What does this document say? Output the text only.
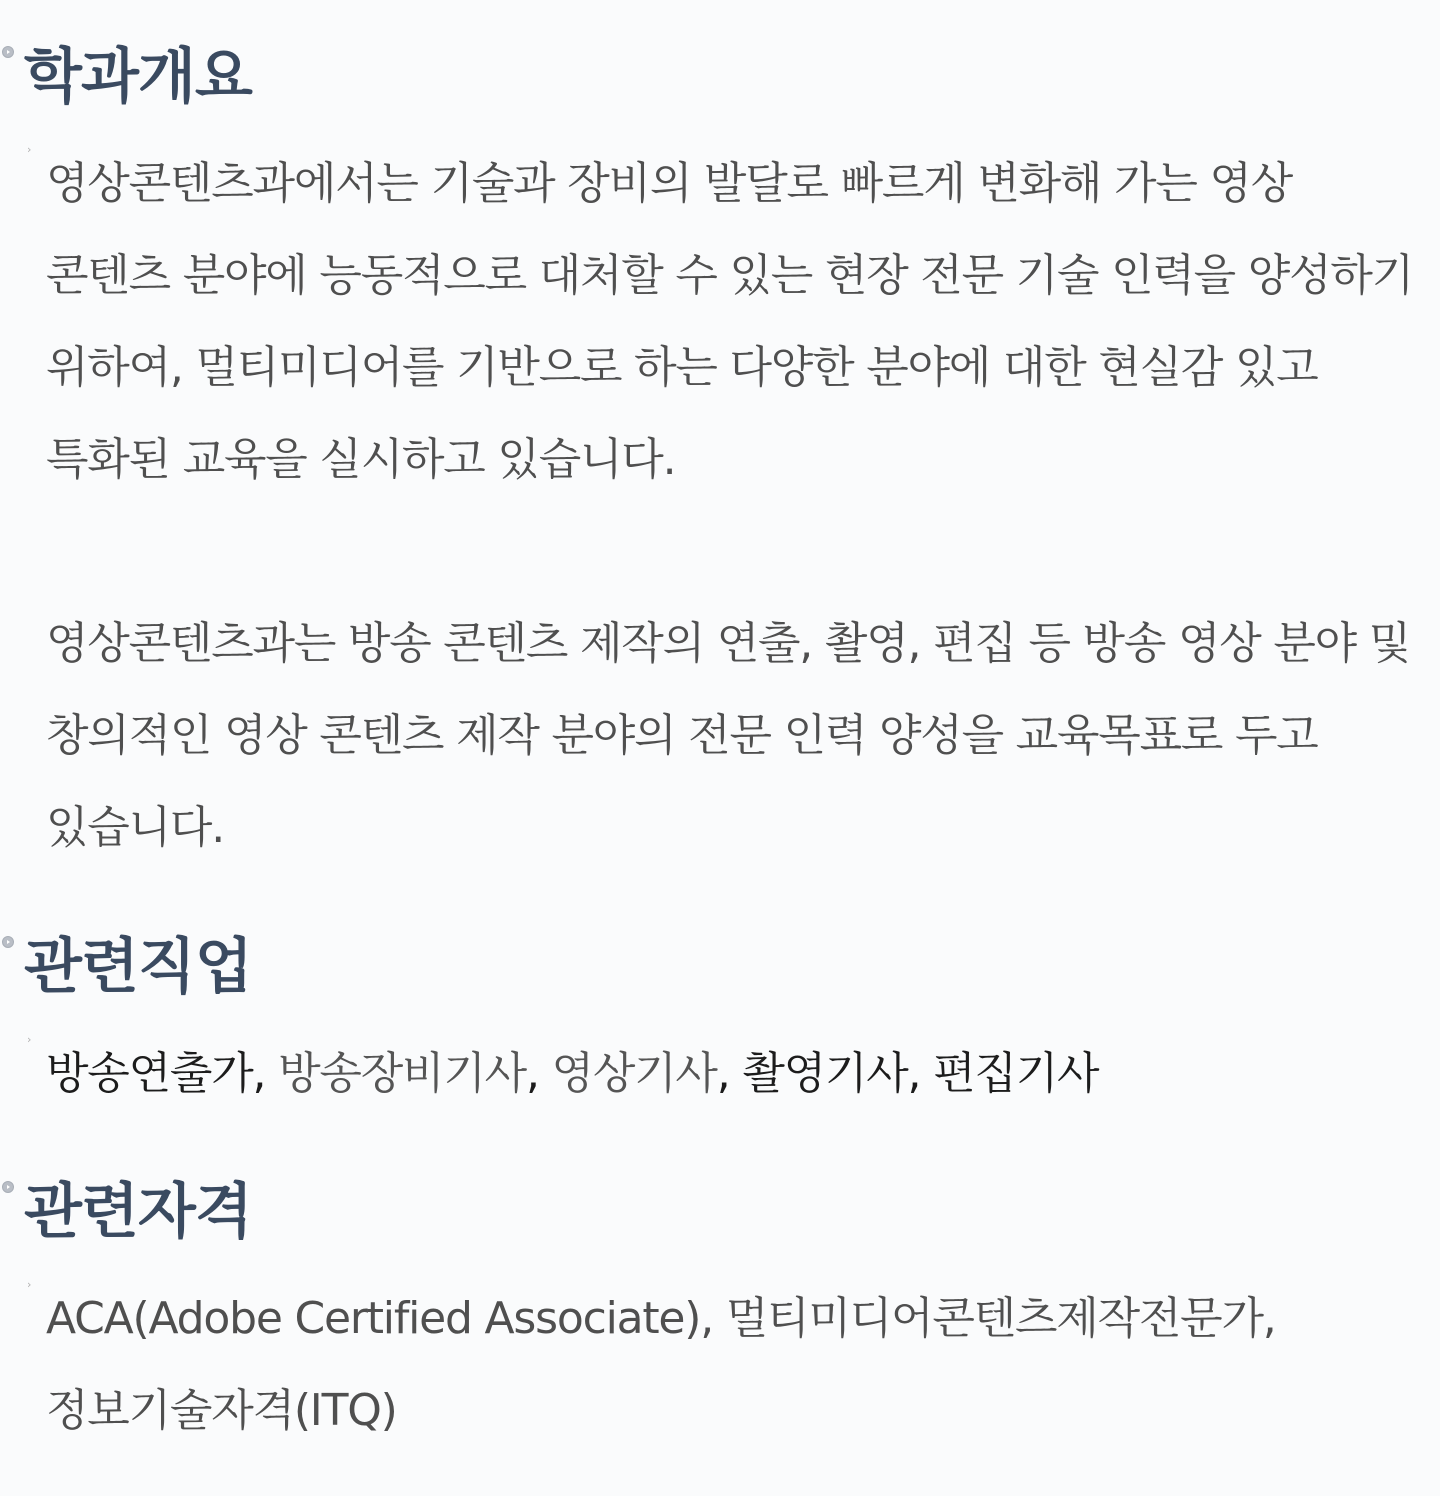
학과개요
›

영상콘텐츠과에서는 기술과 장비의 발달로 빠르게 변화해 가는 영상 콘텐츠 분야에 능동적으로 대처할 수 있는 현장 전문 기술 인력을 양성하기 위하여, 멀티미디어를 기반으로 하는 다양한 분야에 대한 현실감 있고 특화된 교육을 실시하고 있습니다.

영상콘텐츠과는 방송 콘텐츠 제작의 연출, 촬영, 편집 등 방송 영상 분야 및 창의적인 영상 콘텐츠 제작 분야의 전문 인력 양성을 교육목표로 두고 있습니다.

관련직업
›

방송연출가, 방송장비기사, 영상기사, 촬영기사, 편집기사

관련자격
›

ACA(Adobe Certified Associate), 멀티미디어콘텐츠제작전문가, 정보기술자격(ITQ)
